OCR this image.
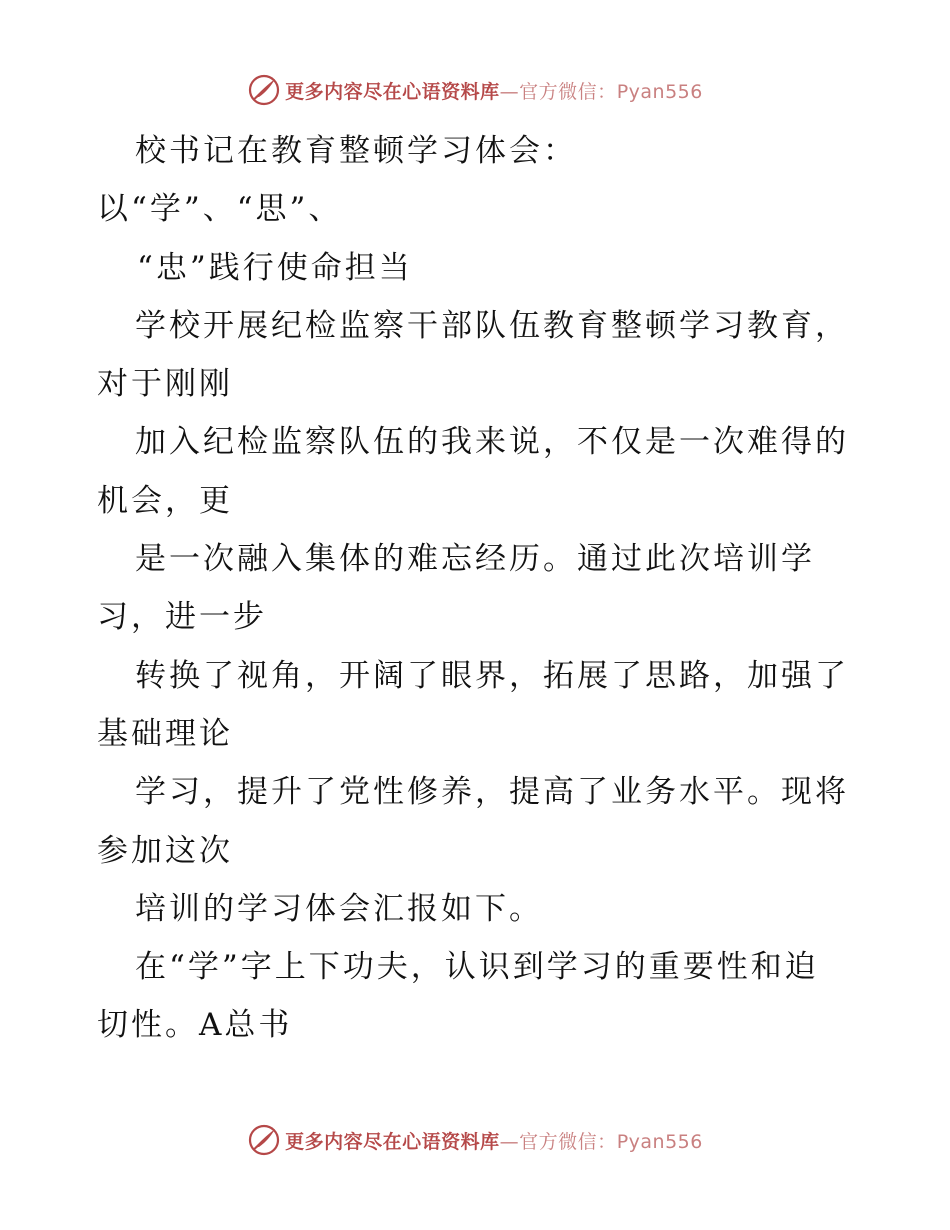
更多内容尽在心语资料库—官方微信：Pyan556
校书记在教育整顿学习体会：
以“学”、“思”、
“忠”践行使命担当
学校开展纪检监察干部队伍教育整顿学习教育，
对于刚刚
加入纪检监察队伍的我来说，不仅是一次难得的
机会，更
是一次融入集体的难忘经历。通过此次培训学
习，进一步
转换了视角，开阔了眼界，拓展了思路，加强了
基础理论
学习，提升了党性修养，提高了业务水平。现将
参加这次
培训的学习体会汇报如下。
在“学”字上下功夫，认识到学习的重要性和迫
切性。A总书
更多内容尽在心语资料库—官方微信：Pyan556
